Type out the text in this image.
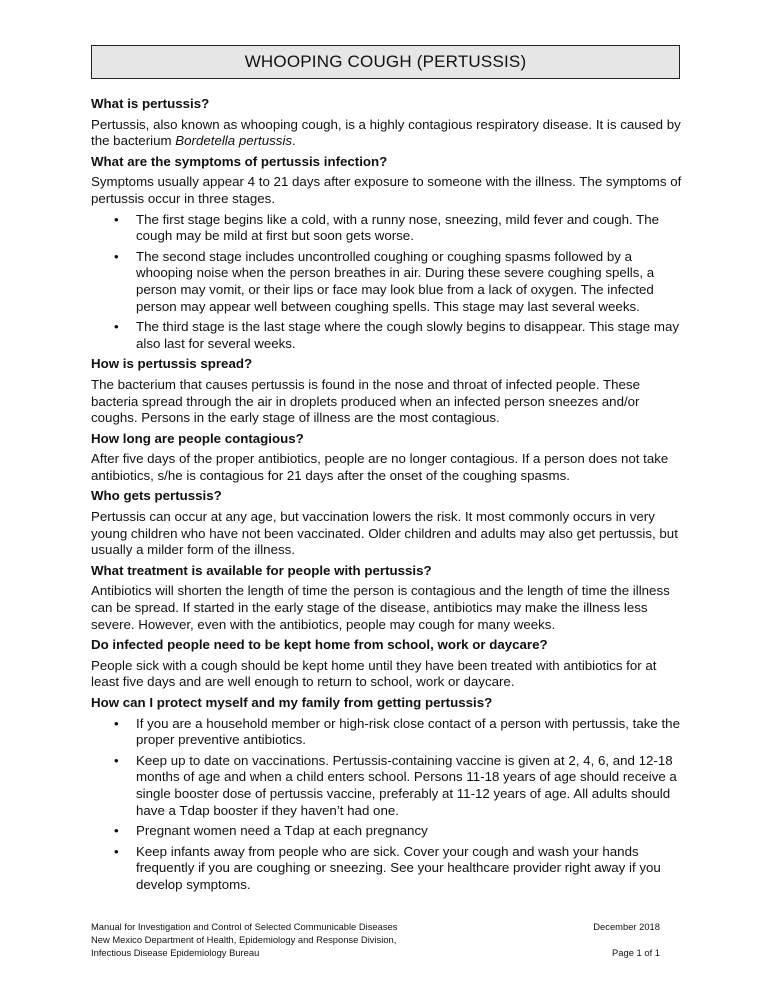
WHOOPING COUGH (PERTUSSIS)
What is pertussis?
Pertussis, also known as whooping cough, is a highly contagious respiratory disease. It is caused by the bacterium Bordetella pertussis.
What are the symptoms of pertussis infection?
Symptoms usually appear 4 to 21 days after exposure to someone with the illness. The symptoms of pertussis occur in three stages.
• The first stage begins like a cold, with a runny nose, sneezing, mild fever and cough. The cough may be mild at first but soon gets worse.
• The second stage includes uncontrolled coughing or coughing spasms followed by a whooping noise when the person breathes in air. During these severe coughing spells, a person may vomit, or their lips or face may look blue from a lack of oxygen. The infected person may appear well between coughing spells. This stage may last several weeks.
• The third stage is the last stage where the cough slowly begins to disappear. This stage may also last for several weeks.
How is pertussis spread?
The bacterium that causes pertussis is found in the nose and throat of infected people. These bacteria spread through the air in droplets produced when an infected person sneezes and/or coughs. Persons in the early stage of illness are the most contagious.
How long are people contagious?
After five days of the proper antibiotics, people are no longer contagious. If a person does not take antibiotics, s/he is contagious for 21 days after the onset of the coughing spasms.
Who gets pertussis?
Pertussis can occur at any age, but vaccination lowers the risk. It most commonly occurs in very young children who have not been vaccinated. Older children and adults may also get pertussis, but usually a milder form of the illness.
What treatment is available for people with pertussis?
Antibiotics will shorten the length of time the person is contagious and the length of time the illness can be spread. If started in the early stage of the disease, antibiotics may make the illness less severe. However, even with the antibiotics, people may cough for many weeks.
Do infected people need to be kept home from school, work or daycare?
People sick with a cough should be kept home until they have been treated with antibiotics for at least five days and are well enough to return to school, work or daycare.
How can I protect myself and my family from getting pertussis?
• If you are a household member or high-risk close contact of a person with pertussis, take the proper preventive antibiotics.
• Keep up to date on vaccinations. Pertussis-containing vaccine is given at 2, 4, 6, and 12-18 months of age and when a child enters school. Persons 11-18 years of age should receive a single booster dose of pertussis vaccine, preferably at 11-12 years of age. All adults should have a Tdap booster if they haven’t had one.
• Pregnant women need a Tdap at each pregnancy
• Keep infants away from people who are sick. Cover your cough and wash your hands frequently if you are coughing or sneezing. See your healthcare provider right away if you develop symptoms.
Manual for Investigation and Control of Selected Communicable Diseases
New Mexico Department of Health, Epidemiology and Response Division,
Infectious Disease Epidemiology Bureau
December 2018
Page 1 of 1
